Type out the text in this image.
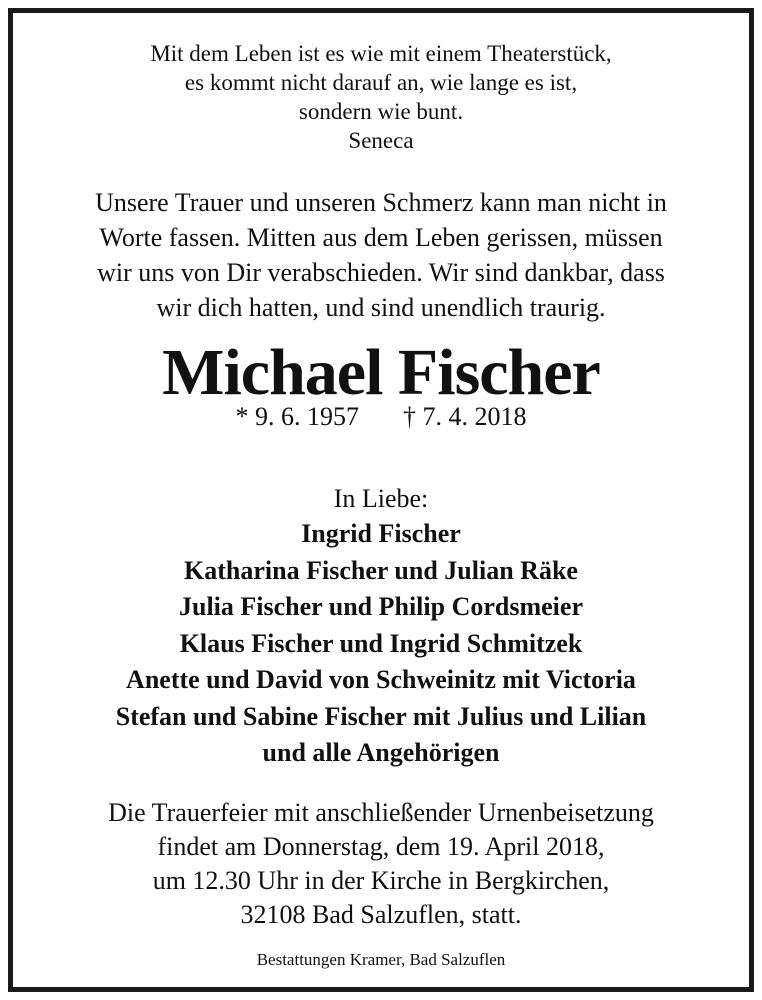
Mit dem Leben ist es wie mit einem Theaterstück,
es kommt nicht darauf an, wie lange es ist,
sondern wie bunt.
Seneca
Unsere Trauer und unseren Schmerz kann man nicht in
Worte fassen. Mitten aus dem Leben gerissen, müssen
wir uns von Dir verabschieden. Wir sind dankbar, dass
wir dich hatten, und sind unendlich traurig.
Michael Fischer
* 9. 6. 1957 † 7. 4. 2018
In Liebe:
Ingrid Fischer
Katharina Fischer und Julian Räke
Julia Fischer und Philip Cordsmeier
Klaus Fischer und Ingrid Schmitzek
Anette und David von Schweinitz mit Victoria
Stefan und Sabine Fischer mit Julius und Lilian
und alle Angehörigen
Die Trauerfeier mit anschließender Urnenbeisetzung
findet am Donnerstag, dem 19. April 2018,
um 12.30 Uhr in der Kirche in Bergkirchen,
32108 Bad Salzuflen, statt.
Bestattungen Kramer, Bad Salzuflen
